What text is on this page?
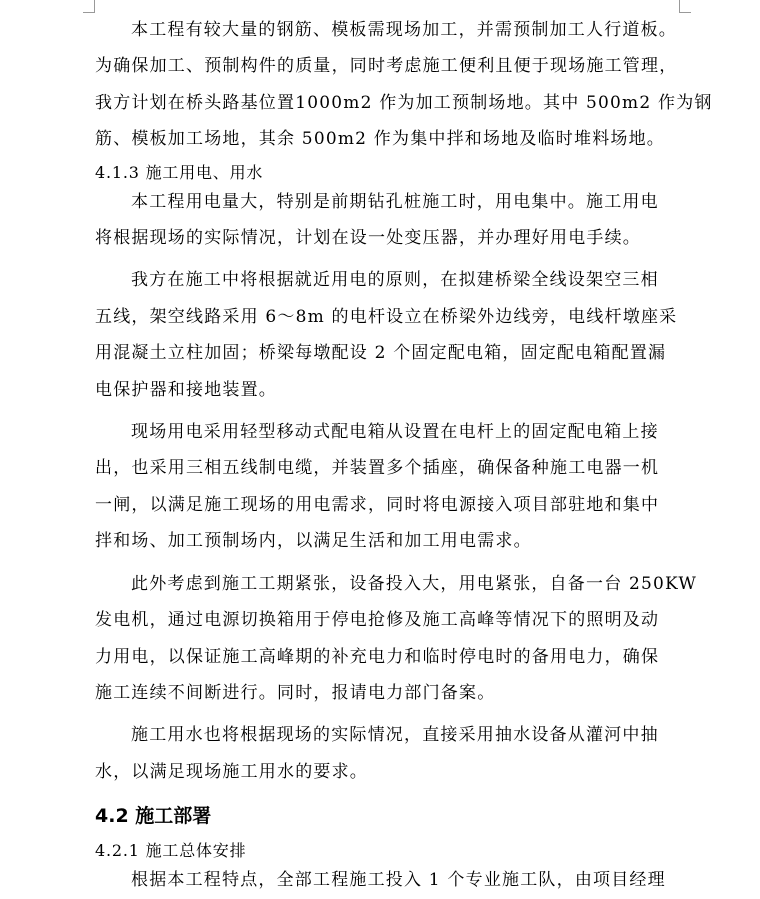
本工程有较大量的钢筋、模板需现场加工，并需预制加工人行道板。

为确保加工、预制构件的质量，同时考虑施工便利且便于现场施工管理，

我方计划在桥头路基位置1000m2 作为加工预制场地。其中 500m2 作为钢

筋、模板加工场地，其余 500m2 作为集中拌和场地及临时堆料场地。

4.1.3 施工用电、用水

本工程用电量大，特别是前期钻孔桩施工时，用电集中。施工用电

将根据现场的实际情况，计划在设一处变压器，并办理好用电手续。

我方在施工中将根据就近用电的原则，在拟建桥梁全线设架空三相

五线，架空线路采用 6～8m 的电杆设立在桥梁外边线旁，电线杆墩座采

用混凝土立柱加固；桥梁每墩配设 2 个固定配电箱，固定配电箱配置漏

电保护器和接地装置。

现场用电采用轻型移动式配电箱从设置在电杆上的固定配电箱上接

出，也采用三相五线制电缆，并装置多个插座，确保备种施工电器一机

一闸，以满足施工现场的用电需求，同时将电源接入项目部驻地和集中

拌和场、加工预制场内，以满足生活和加工用电需求。

此外考虑到施工工期紧张，设备投入大，用电紧张，自备一台 250KW

发电机，通过电源切换箱用于停电抢修及施工高峰等情况下的照明及动

力用电，以保证施工高峰期的补充电力和临时停电时的备用电力，确保

施工连续不间断进行。同时，报请电力部门备案。

施工用水也将根据现场的实际情况，直接采用抽水设备从灌河中抽

水，以满足现场施工用水的要求。

4.2 施工部署

4.2.1 施工总体安排

根据本工程特点，全部工程施工投入 1 个专业施工队，由项目经理
